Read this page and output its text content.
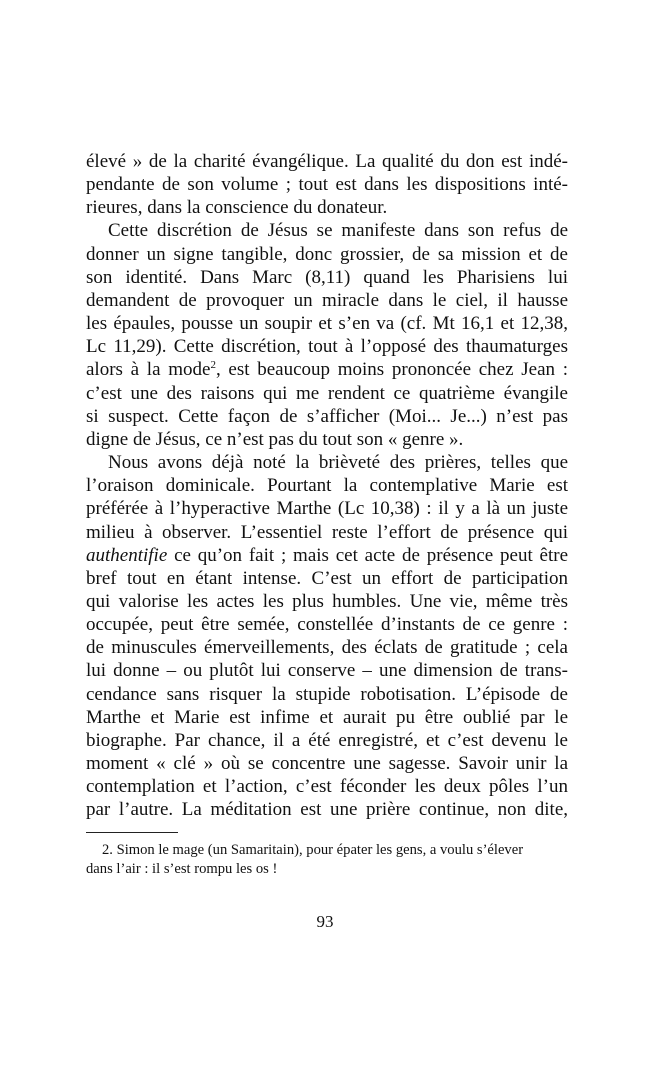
élevé » de la charité évangélique. La qualité du don est indé-
pendante de son volume ; tout est dans les dispositions inté-
rieures, dans la conscience du donateur.

Cette discrétion de Jésus se manifeste dans son refus de
donner un signe tangible, donc grossier, de sa mission et de
son identité. Dans Marc (8,11) quand les Pharisiens lui
demandent de provoquer un miracle dans le ciel, il hausse
les épaules, pousse un soupir et s’en va (cf. Mt 16,1 et 12,38,
Lc 11,29). Cette discrétion, tout à l’opposé des thaumaturges
alors à la mode$^2$, est beaucoup moins prononcée chez Jean :
c’est une des raisons qui me rendent ce quatrième évangile
si suspect. Cette façon de s’afficher (Moi... Je...) n’est pas
digne de Jésus, ce n’est pas du tout son « genre ».

Nous avons déjà noté la brièveté des prières, telles que
l’oraison dominicale. Pourtant la contemplative Marie est
préférée à l’hyperactive Marthe (Lc 10,38) : il y a là un juste
milieu à observer. L’essentiel reste l’effort de présence qui
authentifie ce qu’on fait ; mais cet acte de présence peut être
bref tout en étant intense. C’est un effort de participation
qui valorise les actes les plus humbles. Une vie, même très
occupée, peut être semée, constellée d’instants de ce genre :
de minuscules émerveillements, des éclats de gratitude ; cela
lui donne – ou plutôt lui conserve – une dimension de trans-
cendance sans risquer la stupide robotisation. L’épisode de
Marthe et Marie est infime et aurait pu être oublié par le
biographe. Par chance, il a été enregistré, et c’est devenu le
moment « clé » où se concentre une sagesse. Savoir unir la
contemplation et l’action, c’est féconder les deux pôles l’un
par l’autre. La méditation est une prière continue, non dite,

2. Simon le mage (un Samaritain), pour épater les gens, a voulu s’élever
dans l’air : il s’est rompu les os !

93
